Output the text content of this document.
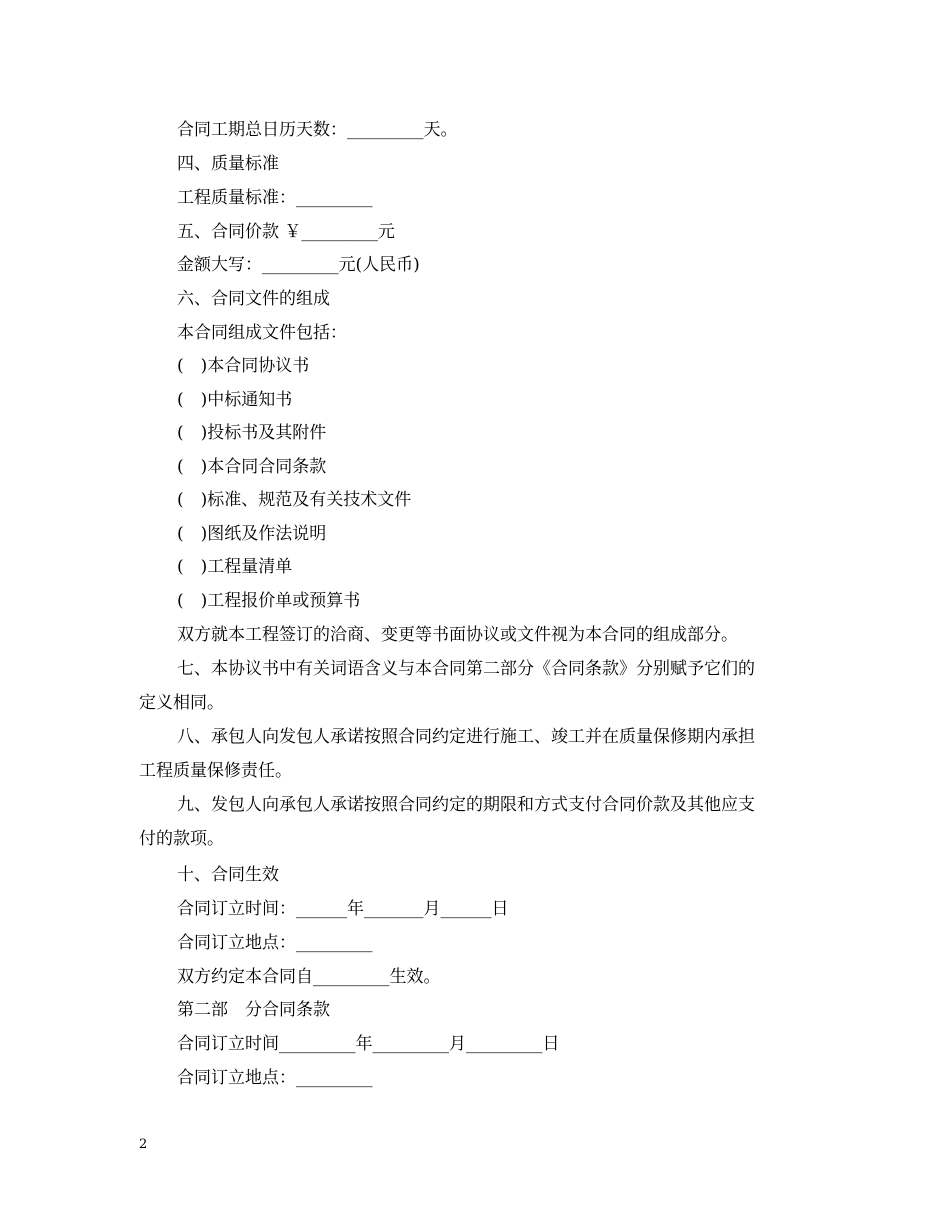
合同工期总日历天数：_________天。
四、质量标准
工程质量标准：_________
五、合同价款 ￥_________元
金额大写：_________元(人民币)
六、合同文件的组成
本合同组成文件包括：
(　)本合同协议书
(　)中标通知书
(　)投标书及其附件
(　)本合同合同条款
(　)标准、规范及有关技术文件
(　)图纸及作法说明
(　)工程量清单
(　)工程报价单或预算书
双方就本工程签订的洽商、变更等书面协议或文件视为本合同的组成部分。
七、本协议书中有关词语含义与本合同第二部分《合同条款》分别赋予它们的
定义相同。
八、承包人向发包人承诺按照合同约定进行施工、竣工并在质量保修期内承担
工程质量保修责任。
九、发包人向承包人承诺按照合同约定的期限和方式支付合同价款及其他应支
付的款项。
十、合同生效
合同订立时间：______年_______月______日
合同订立地点：_________
双方约定本合同自_________生效。
第二部　分合同条款
合同订立时间_________年_________月_________日
合同订立地点：_________
2
